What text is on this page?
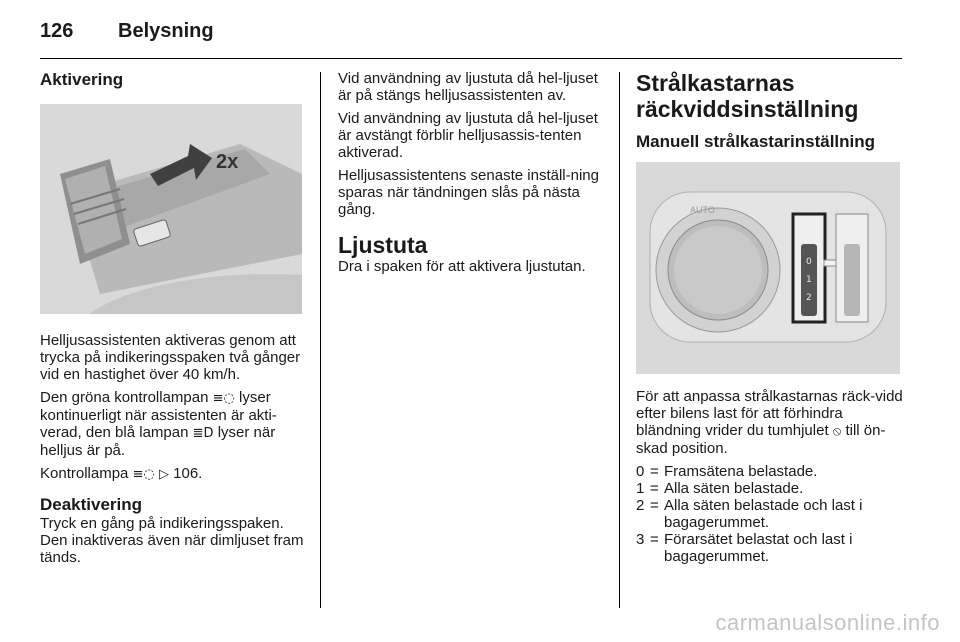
126	Belysning
Aktivering
2x

Helljusassistenten aktiveras genom att trycka på indikeringsspaken två gånger vid en hastighet över 40 km/h.

Den gröna kontrollampan ≡◌ lyser kontinuerligt när assistenten är akti-verad, den blå lampan ≣D lyser när helljus är på.

Kontrollampa ≡◌ ▷ 106.

Deaktivering

Tryck en gång på indikeringsspaken. Den inaktiveras även när dimljuset fram tänds.

Vid användning av ljustuta då hel-ljuset är på stängs helljusassistenten av.

Vid användning av ljustuta då hel-ljuset är avstängt förblir helljusassis-tenten aktiverad.

Helljusassistentens senaste inställ-ning sparas när tändningen slås på nästa gång.

Ljustuta

Dra i spaken för att aktivera ljustutan.

Strålkastarnas räckviddsinställning
Manuell strålkastarinställning
0
1
2
AUTO

För att anpassa strålkastarnas räck-vidd efter bilens last för att förhindra bländning vrider du tumhjulet ⦸ till ön-skad position.

0 = Framsätena belastade.
1 = Alla säten belastade.
2 = Alla säten belastade och last i bagagerummet.
3 = Förarsätet belastat och last i bagagerummet.
carmanualsonline.info
